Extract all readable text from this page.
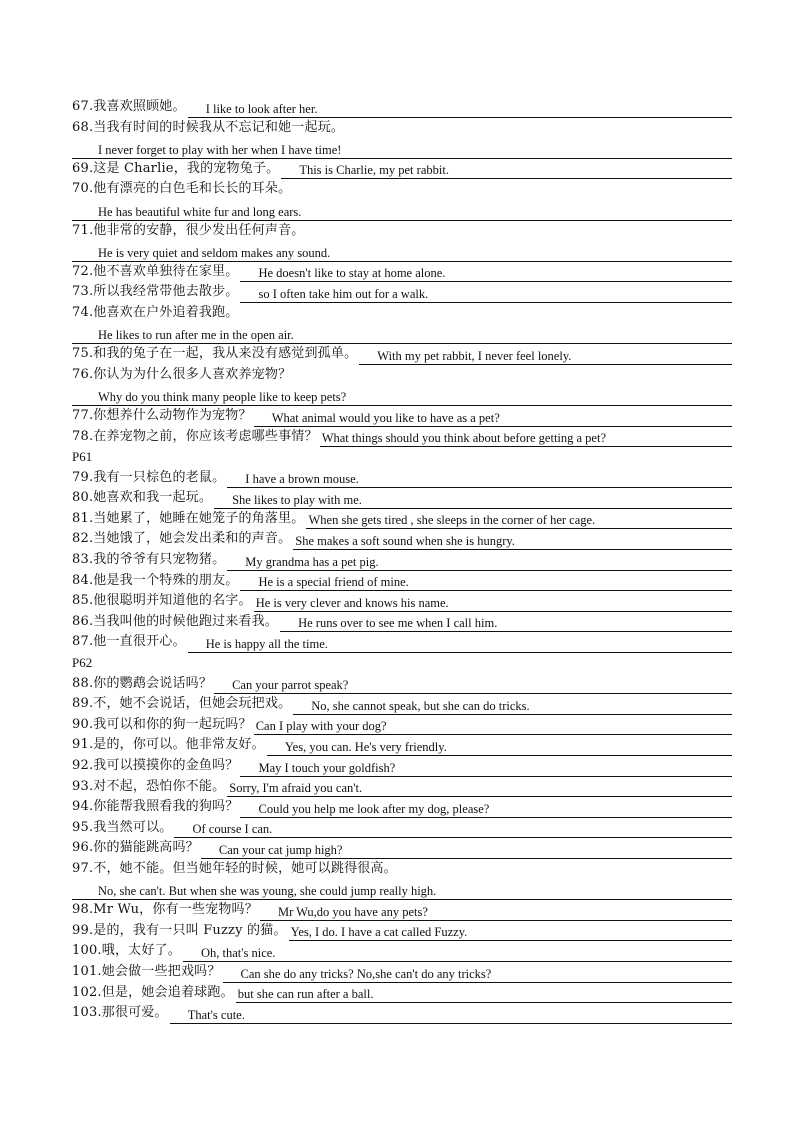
67.我喜欢照顾她。	I like to look after her.
68.当我有时间的时候我从不忘记和她一起玩。
I never forget to play with her when I have time!
69.这是 Charlie，我的宠物兔子。	This is Charlie, my pet rabbit.
70.他有漂亮的白色毛和长长的耳朵。
He has beautiful white fur and long ears.
71.他非常的安静，很少发出任何声音。
He is very quiet and seldom makes any sound.
72.他不喜欢单独待在家里。	He doesn't like to stay at home alone.
73.所以我经常带他去散步。	so I often take him out for a walk.
74.他喜欢在户外追着我跑。
He likes to run after me in the open air.
75.和我的兔子在一起，我从来没有感觉到孤单。	With my pet rabbit, I never feel lonely.
76.你认为为什么很多人喜欢养宠物？
Why do you think many people like to keep pets?
77.你想养什么动物作为宠物？	What animal would you like to have as a pet?
78.在养宠物之前，你应该考虑哪些事情？ What things should you think about before getting a pet?
P61
79.我有一只棕色的老鼠。	I have a brown mouse.
80.她喜欢和我一起玩。	She likes to play with me.
81.当她累了，她睡在她笼子的角落里。 When she gets tired , she sleeps in the corner of her cage.
82.当她饿了，她会发出柔和的声音。 She makes a soft sound when she is hungry.
83.我的爷爷有只宠物猪。	My grandma has a pet pig.
84.他是我一个特殊的朋友。	He is a special friend of mine.
85.他很聪明并知道他的名字。 He is very clever and knows his name.
86.当我叫他的时候他跑过来看我。	He runs over to see me when I call him.
87.他一直很开心。	He is happy all the time.
P62
88.你的鹦鹉会说话吗？	Can your parrot speak?
89.不，她不会说话，但她会玩把戏。	No, she cannot speak, but she can do tricks.
90.我可以和你的狗一起玩吗？ Can I play with your dog?
91.是的，你可以。他非常友好。	Yes, you can. He's very friendly.
92.我可以摸摸你的金鱼吗？	May I touch your goldfish?
93.对不起，恐怕你不能。 Sorry, I'm afraid you can't.
94.你能帮我照看我的狗吗？	Could you help me look after my dog, please?
95.我当然可以。	Of course I can.
96.你的猫能跳高吗？	Can your cat jump high?
97.不，她不能。但当她年轻的时候，她可以跳得很高。
No, she can't. But when she was young, she could jump really high.
98.Mr Wu，你有一些宠物吗？	Mr Wu,do you have any pets?
99.是的，我有一只叫 Fuzzy 的猫。 Yes, I do. I have a cat called Fuzzy.
100.哦，太好了。	Oh, that's nice.
101.她会做一些把戏吗？	Can she do any tricks? No,she can't do any tricks?
102.但是，她会追着球跑。 but she can run after a ball.
103.那很可爱。	That's cute.
